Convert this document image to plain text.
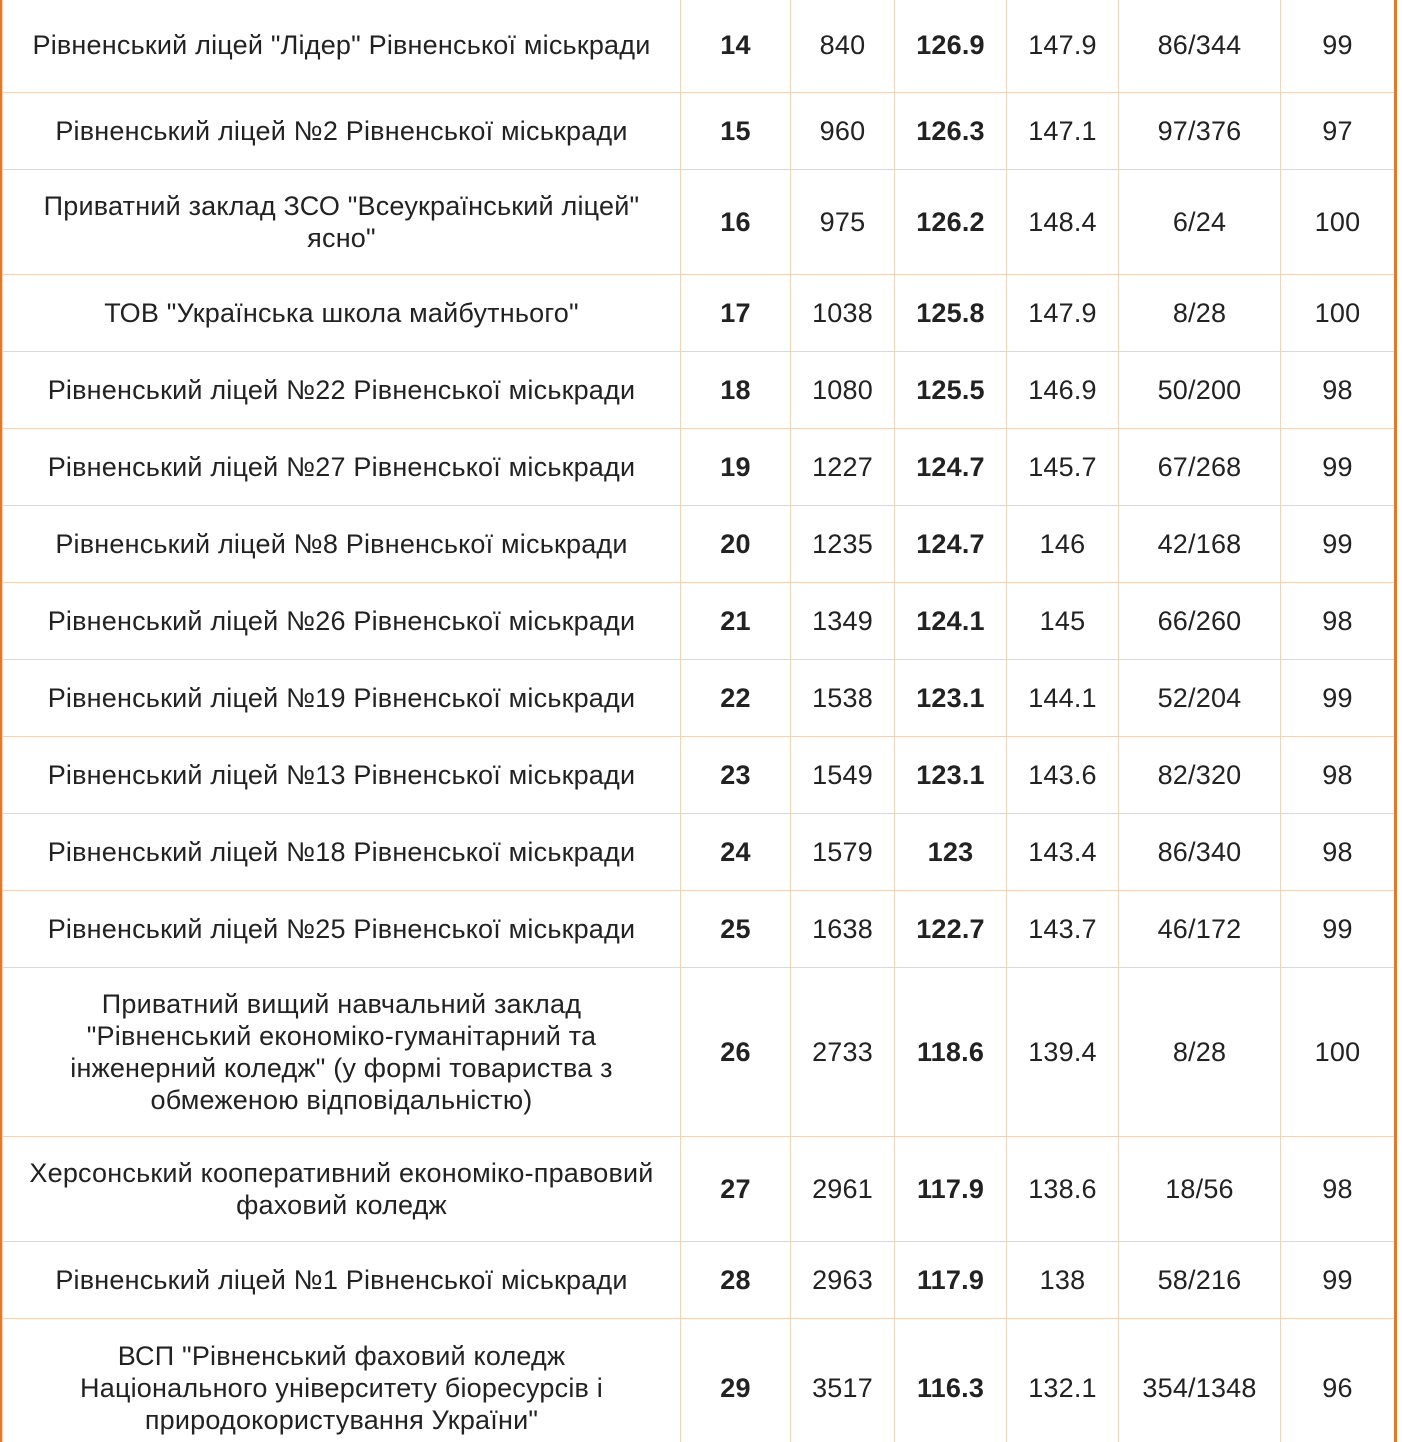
Рівненський ліцей "Лідер" Рівненської міськради	14	840	126.9	147.9	86/344	99
Рівненський ліцей №2 Рівненської міськради	15	960	126.3	147.1	97/376	97
Приватний заклад ЗСО "Всеукраїнський ліцей" ясно"	16	975	126.2	148.4	6/24	100
ТОВ "Українська школа майбутнього"	17	1038	125.8	147.9	8/28	100
Рівненський ліцей №22 Рівненської міськради	18	1080	125.5	146.9	50/200	98
Рівненський ліцей №27 Рівненської міськради	19	1227	124.7	145.7	67/268	99
Рівненський ліцей №8 Рівненської міськради	20	1235	124.7	146	42/168	99
Рівненський ліцей №26 Рівненської міськради	21	1349	124.1	145	66/260	98
Рівненський ліцей №19 Рівненської міськради	22	1538	123.1	144.1	52/204	99
Рівненський ліцей №13 Рівненської міськради	23	1549	123.1	143.6	82/320	98
Рівненський ліцей №18 Рівненської міськради	24	1579	123	143.4	86/340	98
Рівненський ліцей №25 Рівненської міськради	25	1638	122.7	143.7	46/172	99
Приватний вищий навчальний заклад "Рівненський економіко-гуманітарний та інженерний коледж" (у формі товариства з обмеженою відповідальністю)	26	2733	118.6	139.4	8/28	100
Херсонський кооперативний економіко-правовий фаховий коледж	27	2961	117.9	138.6	18/56	98
Рівненський ліцей №1 Рівненської міськради	28	2963	117.9	138	58/216	99
ВСП "Рівненський фаховий коледж Національного університету біоресурсів і природокористування України"	29	3517	116.3	132.1	354/1348	96
